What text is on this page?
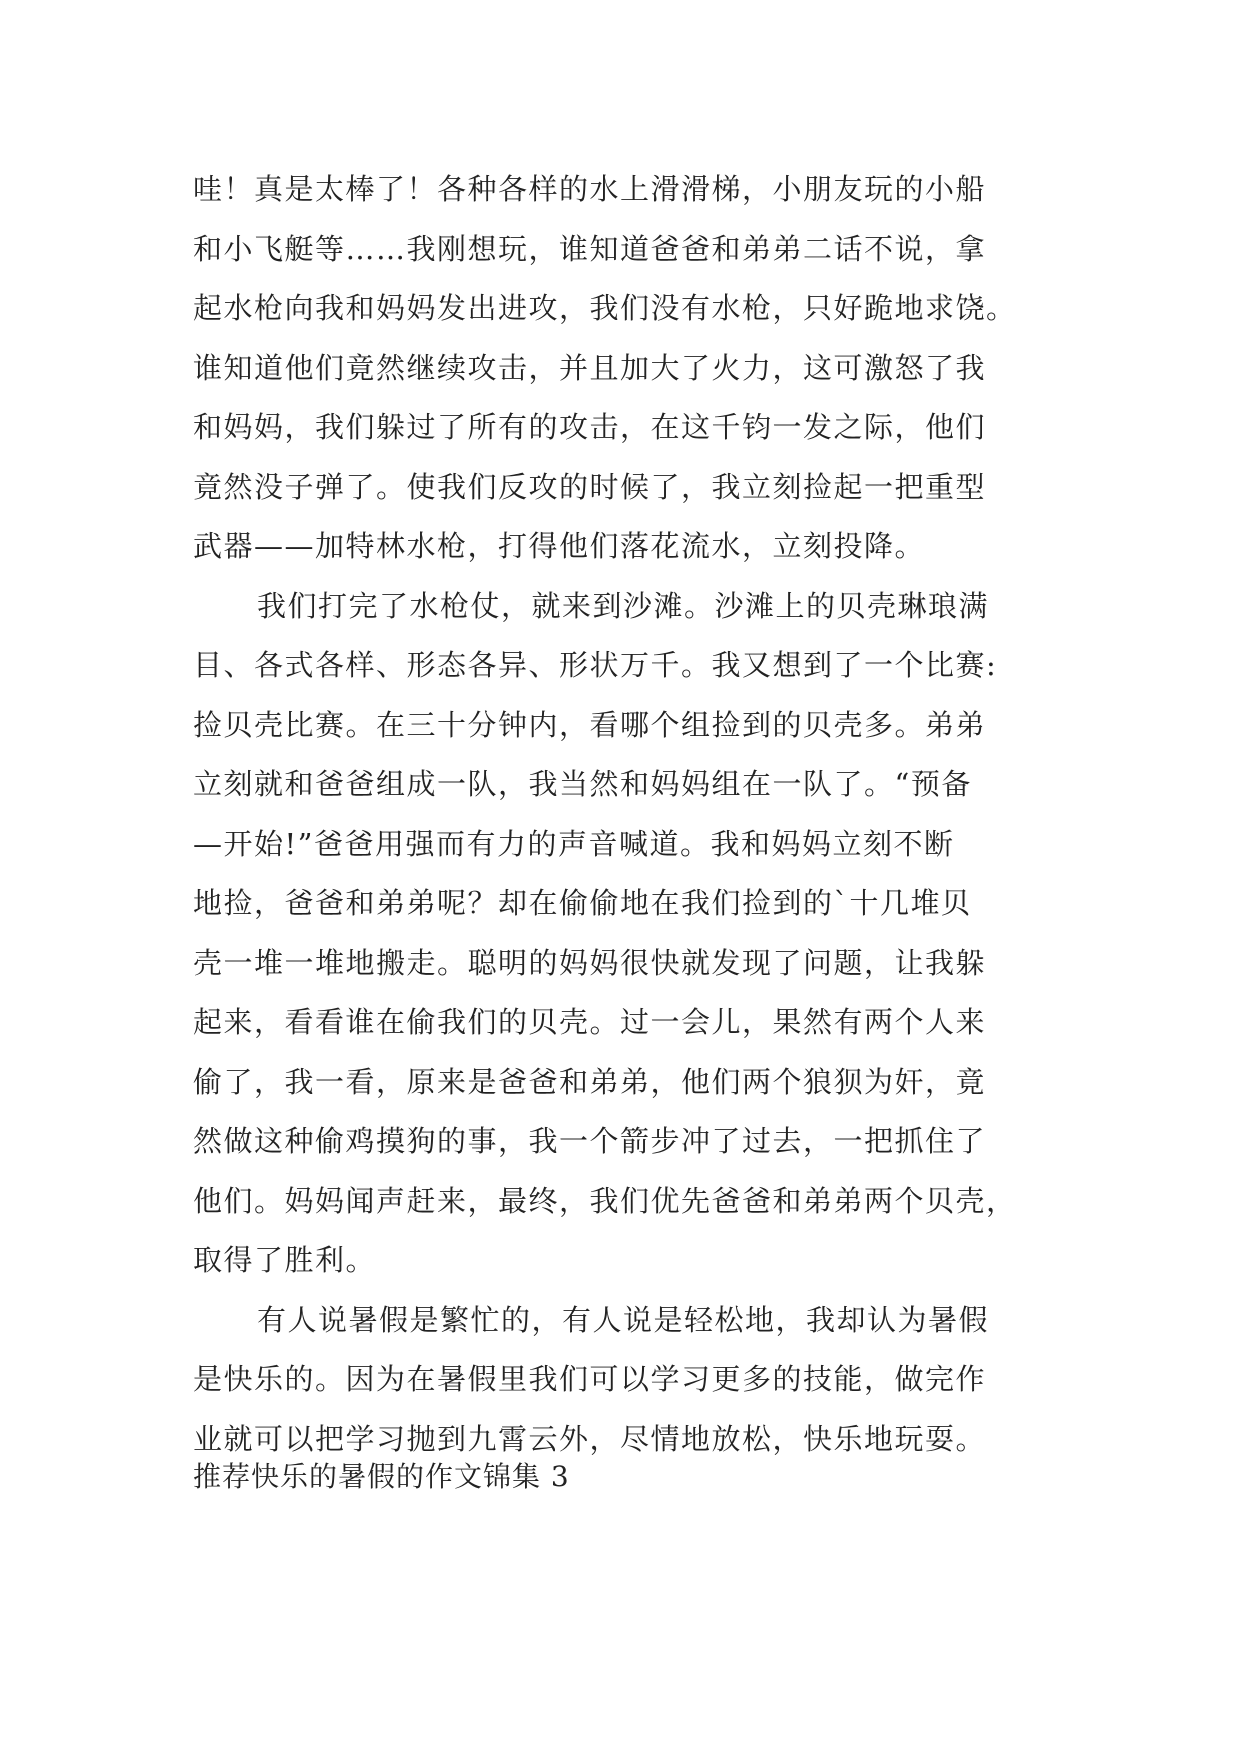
哇！真是太棒了！各种各样的水上滑滑梯，小朋友玩的小船
和小飞艇等……我刚想玩，谁知道爸爸和弟弟二话不说，拿
起水枪向我和妈妈发出进攻，我们没有水枪，只好跪地求饶。
谁知道他们竟然继续攻击，并且加大了火力，这可激怒了我
和妈妈，我们躲过了所有的攻击，在这千钧一发之际，他们
竟然没子弹了。使我们反攻的时候了，我立刻捡起一把重型
武器——加特林水枪，打得他们落花流水，立刻投降。

我们打完了水枪仗，就来到沙滩。沙滩上的贝壳琳琅满
目、各式各样、形态各异、形状万千。我又想到了一个比赛:
捡贝壳比赛。在三十分钟内，看哪个组捡到的贝壳多。弟弟
立刻就和爸爸组成一队，我当然和妈妈组在一队了。“预备
—开始!”爸爸用强而有力的声音喊道。我和妈妈立刻不断
地捡，爸爸和弟弟呢？却在偷偷地在我们捡到的`十几堆贝
壳一堆一堆地搬走。聪明的妈妈很快就发现了问题，让我躲
起来，看看谁在偷我们的贝壳。过一会儿，果然有两个人来
偷了，我一看，原来是爸爸和弟弟，他们两个狼狈为奸，竟
然做这种偷鸡摸狗的事，我一个箭步冲了过去，一把抓住了
他们。妈妈闻声赶来，最终，我们优先爸爸和弟弟两个贝壳，
取得了胜利。

有人说暑假是繁忙的，有人说是轻松地，我却认为暑假
是快乐的。因为在暑假里我们可以学习更多的技能，做完作
业就可以把学习抛到九霄云外，尽情地放松，快乐地玩耍。

推荐快乐的暑假的作文锦集 3
